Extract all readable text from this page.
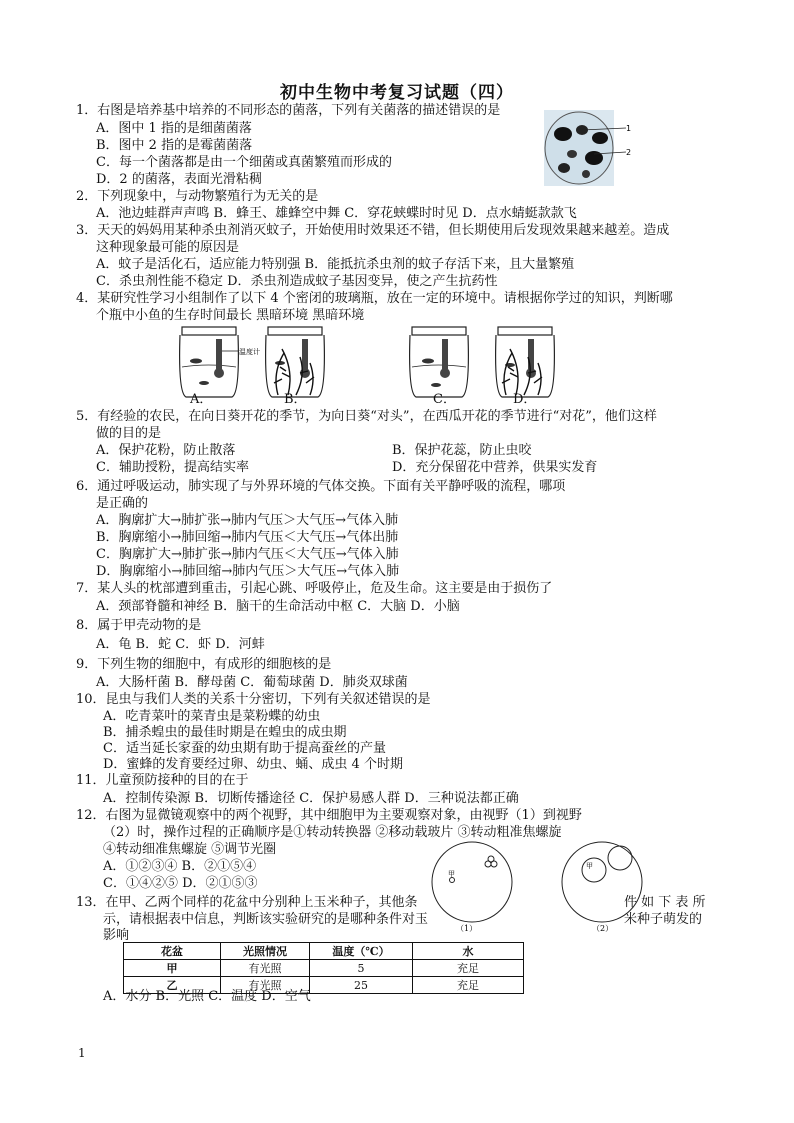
初中生物中考复习试题（四）
1．右图是培养基中培养的不同形态的菌落，下列有关菌落的描述错误的是
A．图中 1 指的是细菌菌落
B．图中 2 指的是霉菌菌落
C．每一个菌落都是由一个细菌或真菌繁殖而形成的
D．2 的菌落，表面光滑粘稠
2．下列现象中，与动物繁殖行为无关的是
A．池边蛙群声声鸣 B．蜂王、雄蜂空中舞 C．穿花蛱蝶时时见 D．点水蜻蜓款款飞
3．天天的妈妈用某种杀虫剂消灭蚊子，开始使用时效果还不错，但长期使用后发现效果越来越差。造成
这种现象最可能的原因是
A．蚊子是活化石，适应能力特别强 B．能抵抗杀虫剂的蚊子存活下来，且大量繁殖
C．杀虫剂性能不稳定 D．杀虫剂造成蚊子基因变异，使之产生抗药性
4．某研究性学习小组制作了以下 4 个密闭的玻璃瓶，放在一定的环境中。请根据你学过的知识，判断哪
个瓶中小鱼的生存时间最长 黑暗环境 黑暗环境
5．有经验的农民，在向日葵开花的季节，为向日葵“对头”，在西瓜开花的季节进行“对花”，他们这样
做的目的是
A．保护花粉，防止散落	B．保护花蕊，防止虫咬
C．辅助授粉，提高结实率	D．充分保留花中营养，供果实发育
6．通过呼吸运动，肺实现了与外界环境的气体交换。下面有关平静呼吸的流程，哪项
是正确的
A．胸廓扩大→肺扩张→肺内气压＞大气压→气体入肺
B．胸廓缩小→肺回缩→肺内气压＜大气压→气体出肺
C．胸廓扩大→肺扩张→肺内气压＜大气压→气体入肺
D．胸廓缩小→肺回缩→肺内气压＞大气压→气体入肺
7．某人头的枕部遭到重击，引起心跳、呼吸停止，危及生命。这主要是由于损伤了
A．颈部脊髓和神经 B．脑干的生命活动中枢 C．大脑 D．小脑
8．属于甲壳动物的是
A．龟 B．蛇 C．虾 D．河蚌
9．下列生物的细胞中，有成形的细胞核的是
A．大肠杆菌 B．酵母菌 C．葡萄球菌 D．肺炎双球菌
10．昆虫与我们人类的关系十分密切，下列有关叙述错误的是
A．吃青菜叶的菜青虫是菜粉蝶的幼虫
B．捕杀蝗虫的最佳时期是在蝗虫的成虫期
C．适当延长家蚕的幼虫期有助于提高蚕丝的产量
D．蜜蜂的发育要经过卵、幼虫、蛹、成虫 4 个时期
11．儿童预防接种的目的在于
A．控制传染源 B．切断传播途径 C．保护易感人群 D．三种说法都正确
12．右图为显微镜观察中的两个视野，其中细胞甲为主要观察对象，由视野（1）到视野
（2）时，操作过程的正确顺序是①转动转换器 ②移动载玻片 ③转动粗准焦螺旋
④转动细准焦螺旋 ⑤调节光圈
A．①②③④ B．②①⑤④
C．①④②⑤ D．②①⑤③
13．在甲、乙两个同样的花盆中分别种上玉米种子，其他条	件 如 下 表 所
示，请根据表中信息，判断该实验研究的是哪种条件对玉	米种子萌发的
影响
A．水分 B．光照 C．温度 D．空气
1
2
温度计
A．	B．	C．	D．
甲
（1）
甲
（2）
花盆	光照情况	温度（℃）	水
甲	有光照	5	充足
乙	有光照	25	充足
1
